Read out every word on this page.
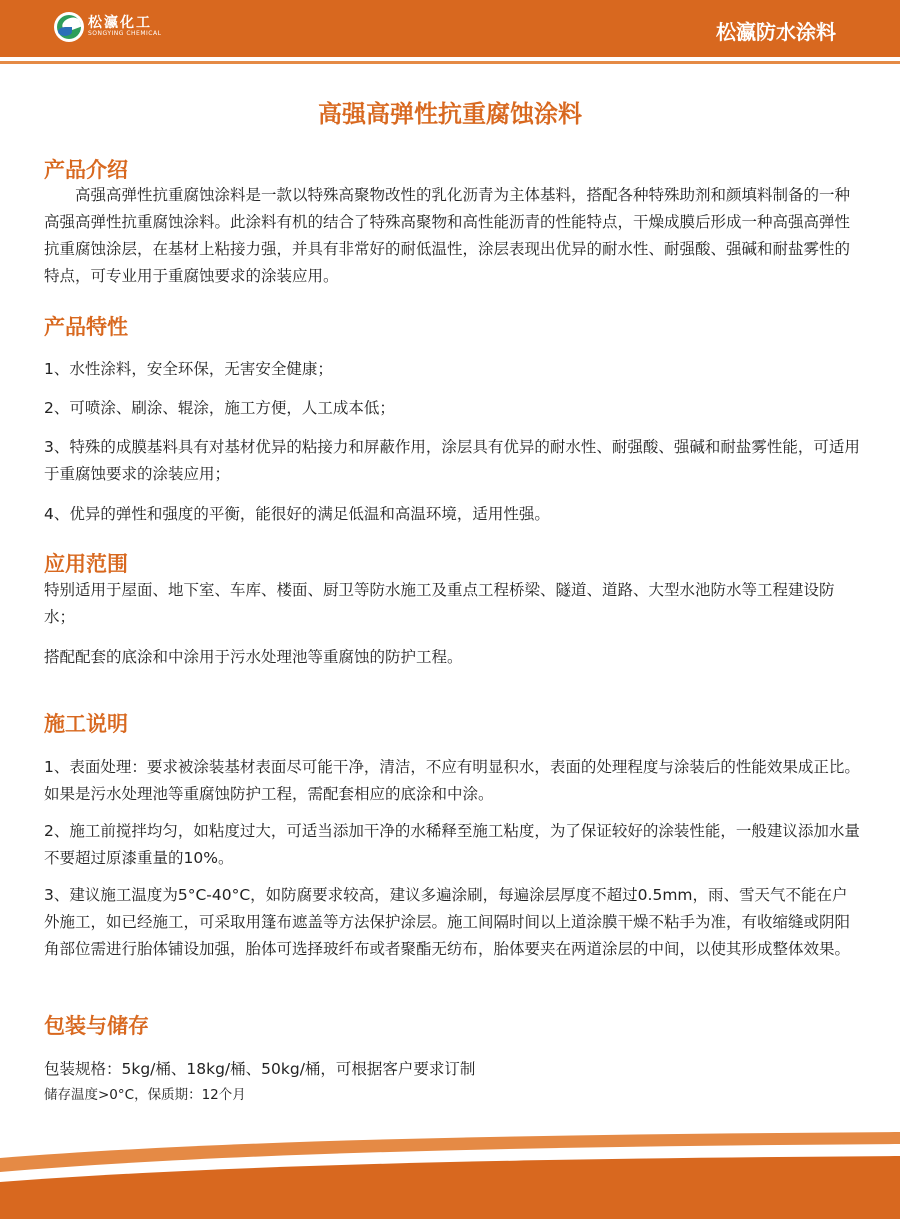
松瀛化工
SONGYING CHEMICAL	松瀛防水涂料
高强高弹性抗重腐蚀涂料
产品介绍
高强高弹性抗重腐蚀涂料是一款以特殊高聚物改性的乳化沥青为主体基料，搭配各种特殊助剂和颜填料制备的一种高强高弹性抗重腐蚀涂料。此涂料有机的结合了特殊高聚物和高性能沥青的性能特点，干燥成膜后形成一种高强高弹性抗重腐蚀涂层，在基材上粘接力强，并具有非常好的耐低温性，涂层表现出优异的耐水性、耐强酸、强碱和耐盐雾性的特点，可专业用于重腐蚀要求的涂装应用。
产品特性
1、水性涂料，安全环保，无害安全健康；
2、可喷涂、刷涂、辊涂，施工方便，人工成本低；
3、特殊的成膜基料具有对基材优异的粘接力和屏蔽作用，涂层具有优异的耐水性、耐强酸、强碱和耐盐雾性能，可适用于重腐蚀要求的涂装应用；
4、优异的弹性和强度的平衡，能很好的满足低温和高温环境，适用性强。
应用范围
特别适用于屋面、地下室、车库、楼面、厨卫等防水施工及重点工程桥梁、隧道、道路、大型水池防水等工程建设防水；
搭配配套的底涂和中涂用于污水处理池等重腐蚀的防护工程。
施工说明
1、表面处理：要求被涂装基材表面尽可能干净，清洁，不应有明显积水，表面的处理程度与涂装后的性能效果成正比。如果是污水处理池等重腐蚀防护工程，需配套相应的底涂和中涂。
2、施工前搅拌均匀，如粘度过大，可适当添加干净的水稀释至施工粘度，为了保证较好的涂装性能，一般建议添加水量不要超过原漆重量的10%。
3、建议施工温度为5°C-40°C，如防腐要求较高，建议多遍涂刷，每遍涂层厚度不超过0.5mm，雨、雪天气不能在户外施工，如已经施工，可采取用篷布遮盖等方法保护涂层。施工间隔时间以上道涂膜干燥不粘手为准，有收缩缝或阴阳角部位需进行胎体铺设加强，胎体可选择玻纤布或者聚酯无纺布，胎体要夹在两道涂层的中间，以使其形成整体效果。
包装与储存
包装规格：5kg/桶、18kg/桶、50kg/桶，可根据客户要求订制
储存温度>0°C，保质期：12个月
